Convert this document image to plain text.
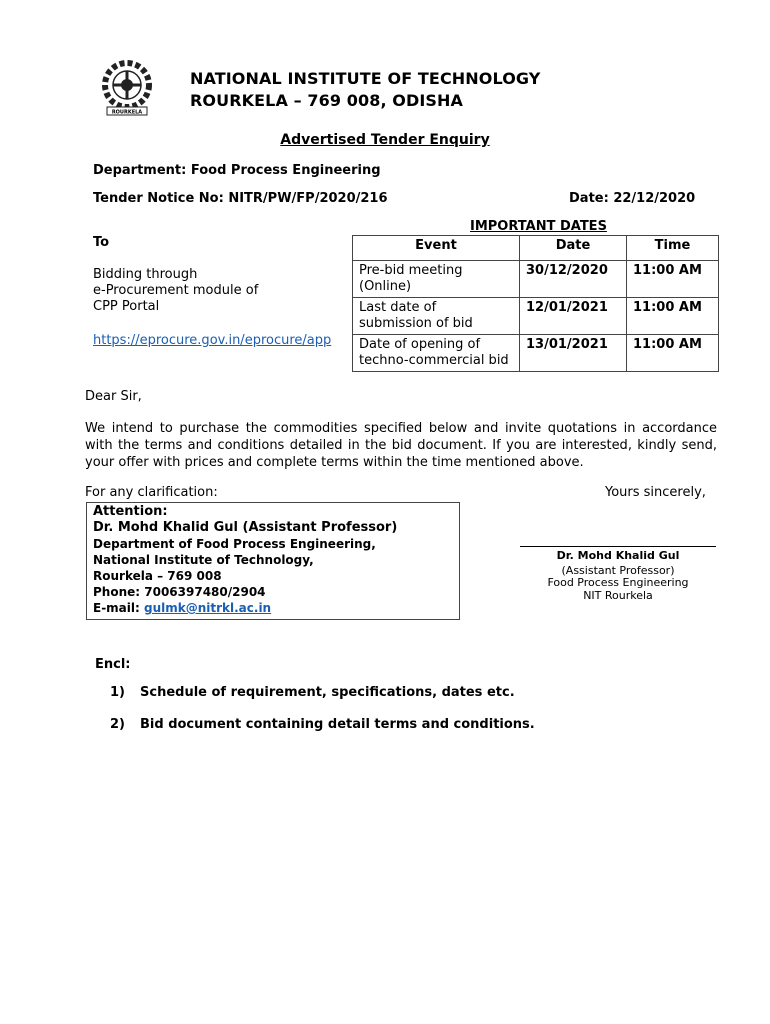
ROURKELA
NATIONAL INSTITUTE OF TECHNOLOGY
ROURKELA – 769 008, ODISHA
Advertised Tender Enquiry
Department: Food Process Engineering
Tender Notice No: NITR/PW/FP/2020/216	Date: 22/12/2020
To
Bidding through
e-Procurement module of
CPP Portal
https://eprocure.gov.in/eprocure/app
IMPORTANT DATES
Event	Date	Time
Pre-bid meeting (Online)	30/12/2020	11:00 AM
Last date of submission of bid	12/01/2021	11:00 AM
Date of opening of techno-commercial bid	13/01/2021	11:00 AM
Dear Sir,
We intend to purchase the commodities specified below and invite quotations in accordance with the terms and conditions detailed in the bid document. If you are interested, kindly send, your offer with prices and complete terms within the time mentioned above.
For any clarification:	Yours sincerely,
Attention:
Dr. Mohd Khalid Gul (Assistant Professor)
Department of Food Process Engineering,
National Institute of Technology,
Rourkela – 769 008
Phone: 7006397480/2904
E-mail: gulmk@nitrkl.ac.in
Dr. Mohd Khalid Gul
(Assistant Professor)
Food Process Engineering
NIT Rourkela
Encl:
1) Schedule of requirement, specifications, dates etc.
2) Bid document containing detail terms and conditions.
